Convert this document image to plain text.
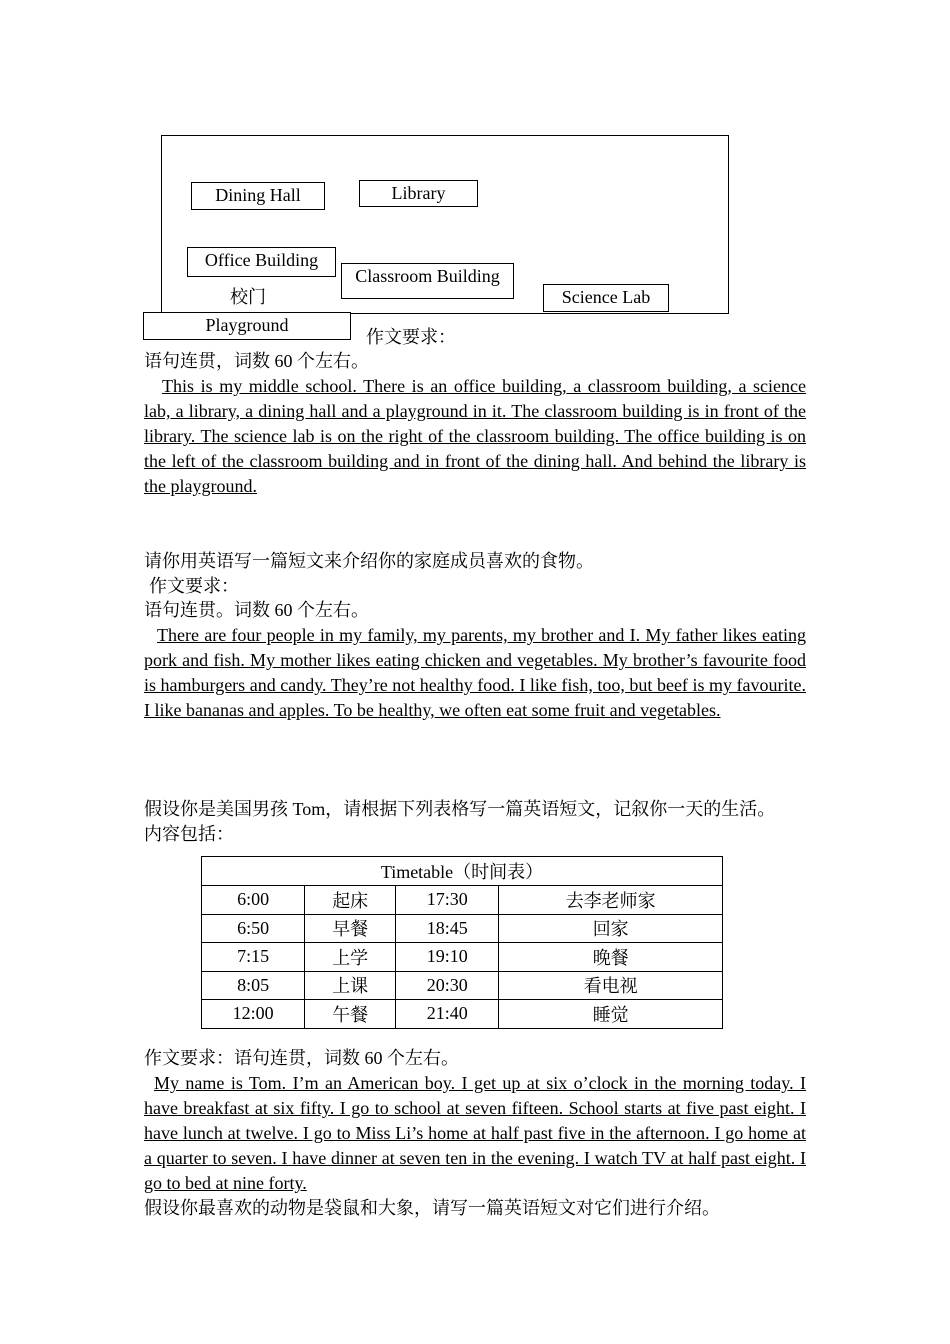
Dining Hall	Library
Office Building
Classroom Building
校门	Science Lab
Playground
作文要求：
语句连贯，词数 60 个左右。
This is my middle school. There is an office building, a classroom building, a science lab, a library, a dining hall and a playground in it. The classroom building is in front of the library. The science lab is on the right of the classroom building. The office building is on the left of the classroom building and in front of the dining hall. And behind the library is the playground.
请你用英语写一篇短文来介绍你的家庭成员喜欢的食物。
作文要求：
语句连贯。词数 60 个左右。
There are four people in my family, my parents, my brother and I. My father likes eating pork and fish. My mother likes eating chicken and vegetables. My brother’s favourite food is hamburgers and candy. They’re not healthy food. I like fish, too, but beef is my favourite. I like bananas and apples. To be healthy, we often eat some fruit and vegetables.
假设你是美国男孩 Tom，请根据下列表格写一篇英语短文，记叙你一天的生活。
内容包括：
Timetable（时间表）			
6:00	起床	17:30	去李老师家
6:50	早餐	18:45	回家
7:15	上学	19:10	晚餐
8:05	上课	20:30	看电视
12:00	午餐	21:40	睡觉
作文要求：语句连贯，词数 60 个左右。
My name is Tom. I’m an American boy. I get up at six o’clock in the morning today. I have breakfast at six fifty. I go to school at seven fifteen. School starts at five past eight. I have lunch at twelve. I go to Miss Li’s home at half past five in the afternoon. I go home at a quarter to seven. I have dinner at seven ten in the evening. I watch TV at half past eight. I go to bed at nine forty.
假设你最喜欢的动物是袋鼠和大象，请写一篇英语短文对它们进行介绍。
